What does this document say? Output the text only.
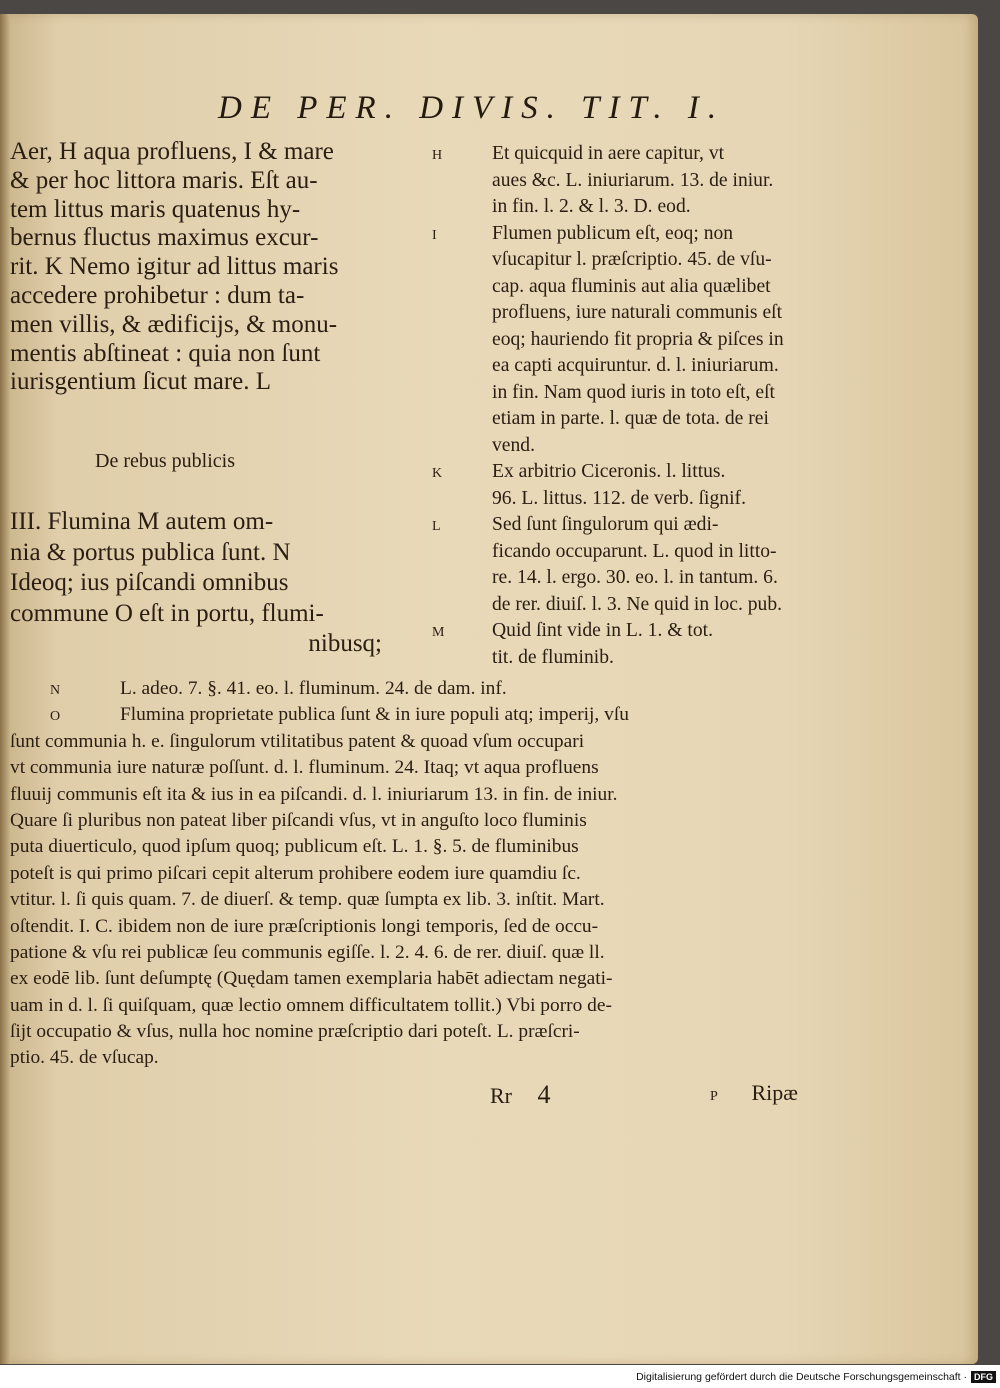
DE PER. DIVIS. TIT. I.
Aer, H aqua profluens, I & mare
& per hoc littora maris. Eſt au-
tem littus maris quatenus hy-
bernus fluctus maximus excur-
rit. K Nemo igitur ad littus maris
accedere prohibetur : dum ta-
men villis, & ædificijs, & monu-
mentis abſtineat : quia non ſunt
iurisgentium ſicut mare. L
De rebus publicis
III. Flumina M autem om-
nia & portus publica ſunt. N
Ideoq; ius piſcandi omnibus
commune O eſt in portu, flumi-
nibusq;
H	Et quicquid in aere capitur, vt
aues &c. L. iniuriarum. 13. de iniur.
in fin. l. 2. & l. 3. D. eod.
I	Flumen publicum eſt, eoq; non
vſucapitur l. præſcriptio. 45. de vſu-
cap. aqua fluminis aut alia quælibet
profluens, iure naturali communis eſt
eoq; hauriendo fit propria & piſces in
ea capti acquiruntur. d. l. iniuriarum.
in fin. Nam quod iuris in toto eſt, eſt
etiam in parte. l. quæ de tota. de rei
vend.
K	Ex arbitrio Ciceronis. l. littus.
96. L. littus. 112. de verb. ſignif.
L	Sed ſunt ſingulorum qui ædi-
ficando occuparunt. L. quod in litto-
re. 14. l. ergo. 30. eo. l. in tantum. 6.
de rer. diuiſ. l. 3. Ne quid in loc. pub.
M Quid ſint vide in L. 1. & tot.
tit. de fluminib.
N	L. adeo. 7. §. 41. eo. l. fluminum. 24. de dam. inf.
O	Flumina proprietate publica ſunt & in iure populi atq; imperij, vſu
ſunt communia h. e. ſingulorum vtilitatibus patent & quoad vſum occupari
vt communia iure naturæ poſſunt. d. l. fluminum. 24. Itaq; vt aqua profluens
fluuij communis eſt ita & ius in ea piſcandi. d. l. iniuriarum 13. in fin. de iniur.
Quare ſi pluribus non pateat liber piſcandi vſus, vt in anguſto loco fluminis
puta diuerticulo, quod ipſum quoq; publicum eſt. L. 1. §. 5. de fluminibus
poteſt is qui primo piſcari cepit alterum prohibere eodem iure quamdiu ſc.
vtitur. l. ſi quis quam. 7. de diuerſ. & temp. quæ ſumpta ex lib. 3. inſtit. Mart.
oſtendit. I. C. ibidem non de iure præſcriptionis longi temporis, ſed de occu-
patione & vſu rei publicæ ſeu communis egiſſe. l. 2. 4. 6. de rer. diuiſ. quæ ll.
ex eodē lib. ſunt deſumptę (Quędam tamen exemplaria habēt adiectam negati-
uam in d. l. ſi quiſquam, quæ lectio omnem difficultatem tollit.) Vbi porro de-
ſijt occupatio & vſus, nulla hoc nomine præſcriptio dari poteſt. L. præſcri-
ptio. 45. de vſucap.
Rr 4	P Ripæ
Digitalisierung gefördert durch die Deutsche Forschungsgemeinschaft · DFG
